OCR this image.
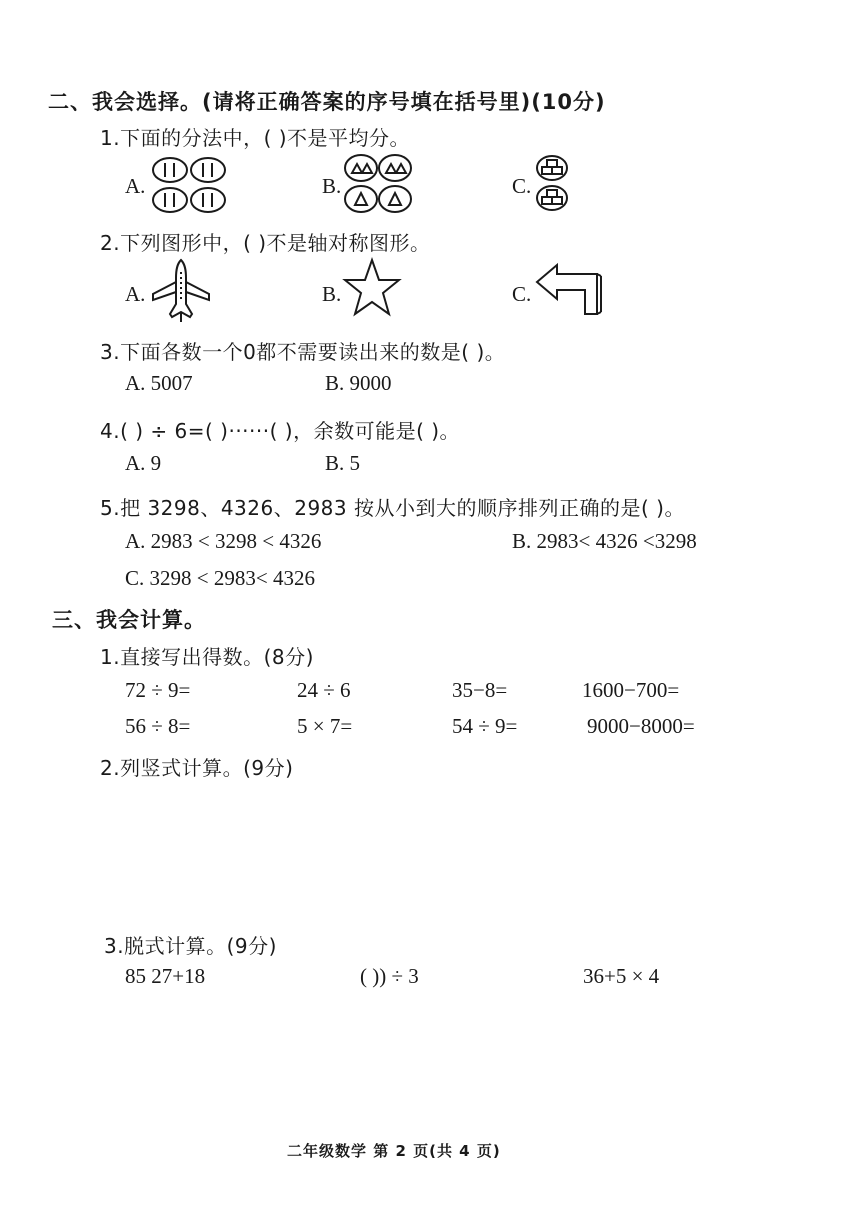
二、我会选择。(请将正确答案的序号填在括号里)(10分)
1.下面的分法中，( )不是平均分。
A.	B.	C.
2.下列图形中，( )不是轴对称图形。
A.	B.	C.
3.下面各数一个0都不需要读出来的数是( )。
A. 5007	B. 9000
4.( ) ÷ 6=( )······( )，余数可能是( )。
A. 9	B. 5
5.把 3298、4326、2983 按从小到大的顺序排列正确的是( )。
A. 2983 < 3298 < 4326	B. 2983< 4326 <3298
C. 3298 < 2983< 4326
三、我会计算。
1.直接写出得数。(8分)
72 ÷ 9=	24 ÷ 6	35−8=	1600−700=
56 ÷ 8=	5 × 7=	54 ÷ 9=	9000−8000=
2.列竖式计算。(9分)
3.脱式计算。(9分)
85 27+18	( )) ÷ 3	36+5 × 4
二年级数学 第 2 页(共 4 页)
